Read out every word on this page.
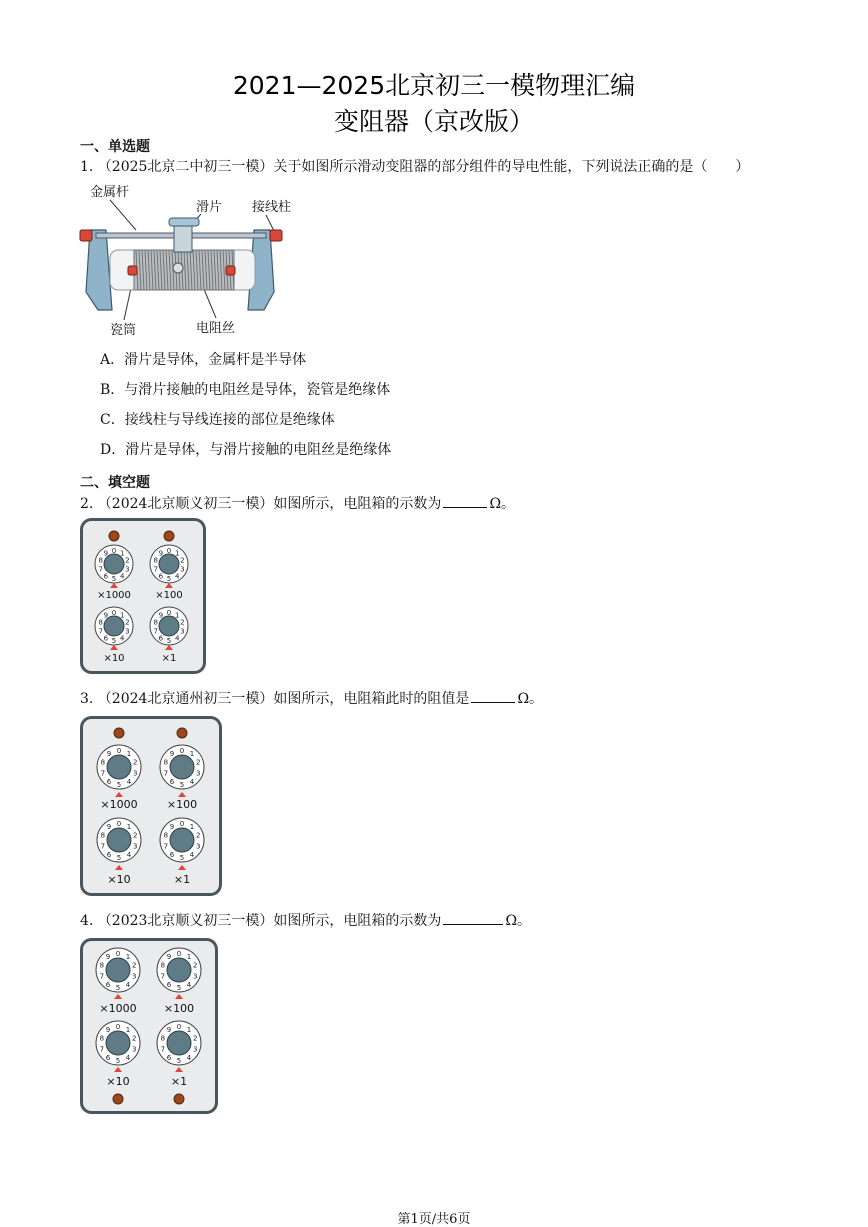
2021—2025北京初三一模物理汇编
变阻器（京改版）
一、单选题
1. （2025北京二中初三一模）关于如图所示滑动变阻器的部分组件的导电性能，下列说法正确的是（　　）
金属杆
滑片 接线柱
瓷筒	电阻丝
A．滑片是导体，金属杆是半导体
B．与滑片接触的电阻丝是导体，瓷管是绝缘体
C．接线柱与导线连接的部位是绝缘体
D．滑片是导体，与滑片接触的电阻丝是绝缘体
二、填空题
2. （2024北京顺义初三一模）如图所示，电阻箱的示数为	Ω。
×1000
0 1
2
3
4
5
6
7
8
9
×100
0 1
2
3
4
5
6
7
8
9
×10
0 1
2
3
4
5
6
7
8
9
×1
0 1
2
3
4
5
6
7
8
9
3. （2024北京通州初三一模）如图所示，电阻箱此时的阻值是	Ω。
×1000
0 1
2
3
4
5
6
7
8
9
×100
0 1
2
3
4
5
6
7
8
9
×10
0 1
2
3
4
5
6
7
8
9
×1
0 1
2
3
4
5
6
7
8
9
4. （2023北京顺义初三一模）如图所示，电阻箱的示数为	Ω。
×1000
0 1
2
3
4
5
6
7
8
9
×100
0 1
2
3
4
5
6
7
8
9
×10
0 1
2
3
4
5
6
7
8
9
×1
0 1
2
3
4
5
6
7
8
9
第1页/共6页
